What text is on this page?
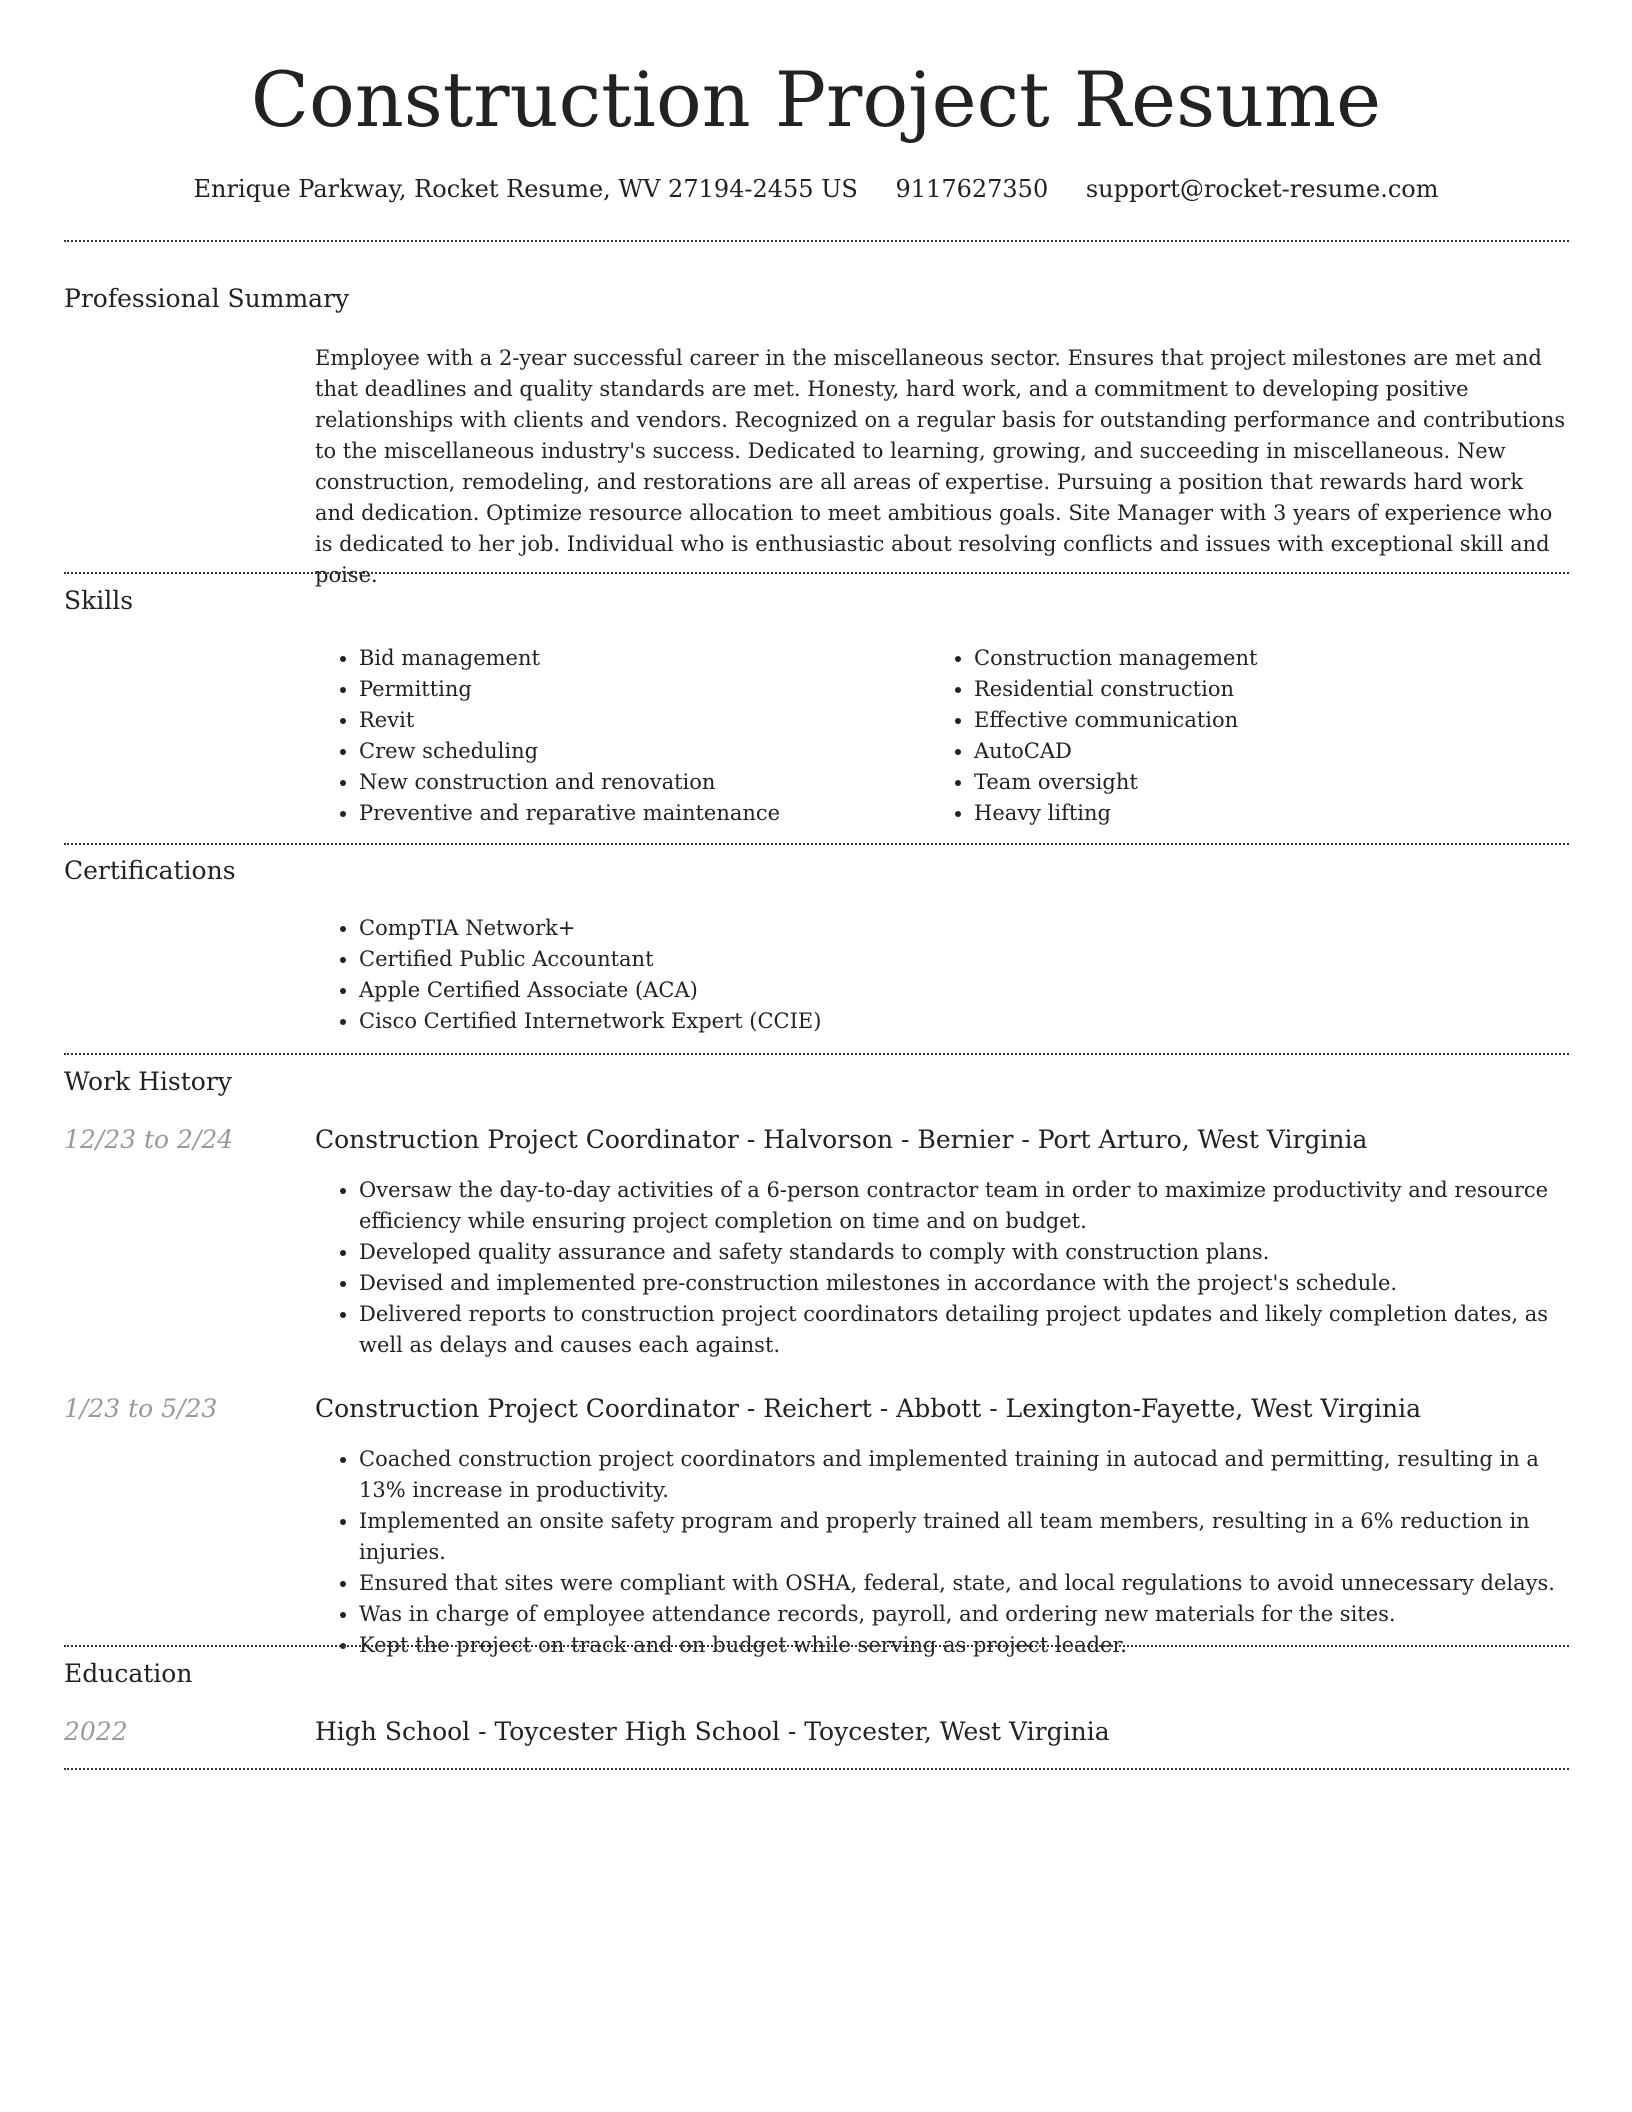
Construction Project Resume
Enrique Parkway, Rocket Resume, WV 27194-2455 US 9117627350 support@rocket-resume.com
Professional Summary

Employee with a 2-year successful career in the miscellaneous sector. Ensures that project milestones are met and that deadlines and quality standards are met. Honesty, hard work, and a commitment to developing positive relationships with clients and vendors. Recognized on a regular basis for outstanding performance and contributions to the miscellaneous industry's success. Dedicated to learning, growing, and succeeding in miscellaneous. New construction, remodeling, and restorations are all areas of expertise. Pursuing a position that rewards hard work and dedication. Optimize resource allocation to meet ambitious goals. Site Manager with 3 years of experience who is dedicated to her job. Individual who is enthusiastic about resolving conflicts and issues with exceptional skill and poise.

Skills
• Bid management
• Permitting
• Revit
• Crew scheduling
• New construction and renovation
• Preventive and reparative maintenance
• Construction management
• Residential construction
• Effective communication
• AutoCAD
• Team oversight
• Heavy lifting
Certifications
• CompTIA Network+
• Certified Public Accountant
• Apple Certified Associate (ACA)
• Cisco Certified Internetwork Expert (CCIE)
Work History
12/23 to 2/24	Construction Project Coordinator - Halvorson - Bernier - Port Arturo, West Virginia
• Oversaw the day-to-day activities of a 6-person contractor team in order to maximize productivity and resource efficiency while ensuring project completion on time and on budget.
• Developed quality assurance and safety standards to comply with construction plans.
• Devised and implemented pre-construction milestones in accordance with the project's schedule.
• Delivered reports to construction project coordinators detailing project updates and likely completion dates, as well as delays and causes each against.
1/23 to 5/23	Construction Project Coordinator - Reichert - Abbott - Lexington-Fayette, West Virginia
• Coached construction project coordinators and implemented training in autocad and permitting, resulting in a 13% increase in productivity.
• Implemented an onsite safety program and properly trained all team members, resulting in a 6% reduction in injuries.
• Ensured that sites were compliant with OSHA, federal, state, and local regulations to avoid unnecessary delays.
• Was in charge of employee attendance records, payroll, and ordering new materials for the sites.
• Kept the project on track and on budget while serving as project leader.
Education
2022	High School - Toycester High School - Toycester, West Virginia
